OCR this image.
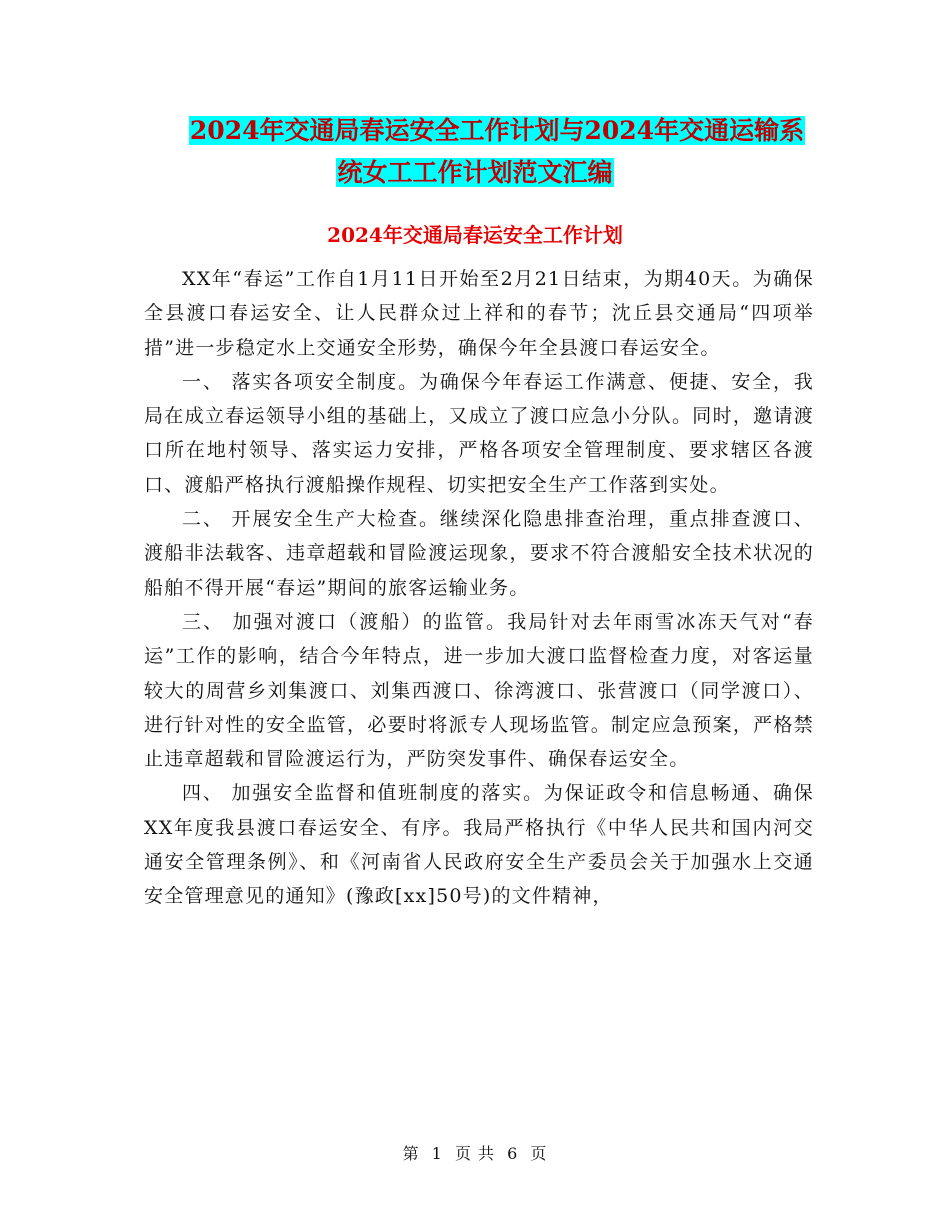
2024年交通局春运安全工作计划与2024年交通运输系
统女工工作计划范文汇编
2024年交通局春运安全工作计划

XX年“春运”工作自1月11日开始至2月21日结束，为期40天。为确保全县渡口春运安全、让人民群众过上祥和的春节；沈丘县交通局“四项举措”进一步稳定水上交通安全形势，确保今年全县渡口春运安全。

一、 落实各项安全制度。为确保今年春运工作满意、便捷、安全，我局在成立春运领导小组的基础上，又成立了渡口应急小分队。同时，邀请渡口所在地村领导、落实运力安排，严格各项安全管理制度、要求辖区各渡口、渡船严格执行渡船操作规程、切实把安全生产工作落到实处。

二、 开展安全生产大检查。继续深化隐患排查治理，重点排查渡口、渡船非法载客、违章超载和冒险渡运现象，要求不符合渡船安全技术状况的船舶不得开展“春运”期间的旅客运输业务。

三、 加强对渡口（渡船）的监管。我局针对去年雨雪冰冻天气对“春运”工作的影响，结合今年特点，进一步加大渡口监督检查力度，对客运量较大的周营乡刘集渡口、刘集西渡口、徐湾渡口、张营渡口（同学渡口）、进行针对性的安全监管，必要时将派专人现场监管。制定应急预案，严格禁止违章超载和冒险渡运行为，严防突发事件、确保春运安全。

四、 加强安全监督和值班制度的落实。为保证政令和信息畅通、确保XX年度我县渡口春运安全、有序。我局严格执行《中华人民共和国内河交通安全管理条例》、和《河南省人民政府安全生产委员会关于加强水上交通安全管理意见的通知》(豫政[xx]50号)的文件精神，

第 1 页 共 6 页
